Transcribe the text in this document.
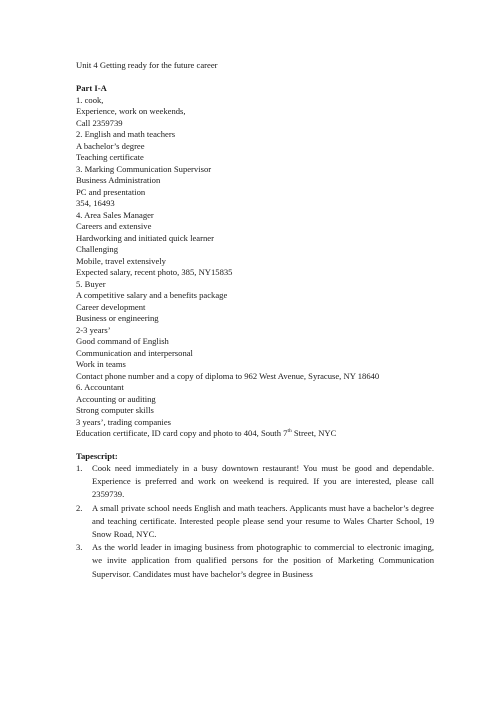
Unit 4 Getting ready for the future career
Part I-A
1. cook,
Experience, work on weekends,
Call 2359739
2. English and math teachers
A bachelor’s degree
Teaching certificate
3. Marking Communication Supervisor
Business Administration
PC and presentation
354, 16493
4. Area Sales Manager
Careers and extensive
Hardworking and initiated quick learner
Challenging
Mobile, travel extensively
Expected salary, recent photo, 385, NY15835
5. Buyer
A competitive salary and a benefits package
Career development
Business or engineering
2-3 years’
Good command of English
Communication and interpersonal
Work in teams
Contact phone number and a copy of diploma to 962 West Avenue, Syracuse, NY 18640
6. Accountant
Accounting or auditing
Strong computer skills
3 years’, trading companies
Education certificate, ID card copy and photo to 404, South 7th Street, NYC
Tapescript:
1. Cook need immediately in a busy downtown restaurant! You must be good and dependable. Experience is preferred and work on weekend is required. If you are interested, please call 2359739.
2. A small private school needs English and math teachers. Applicants must have a bachelor’s degree and teaching certificate. Interested people please send your resume to Wales Charter School, 19 Snow Road, NYC.
3. As the world leader in imaging business from photographic to commercial to electronic imaging, we invite application from qualified persons for the position of Marketing Communication Supervisor. Candidates must have bachelor’s degree in Business
